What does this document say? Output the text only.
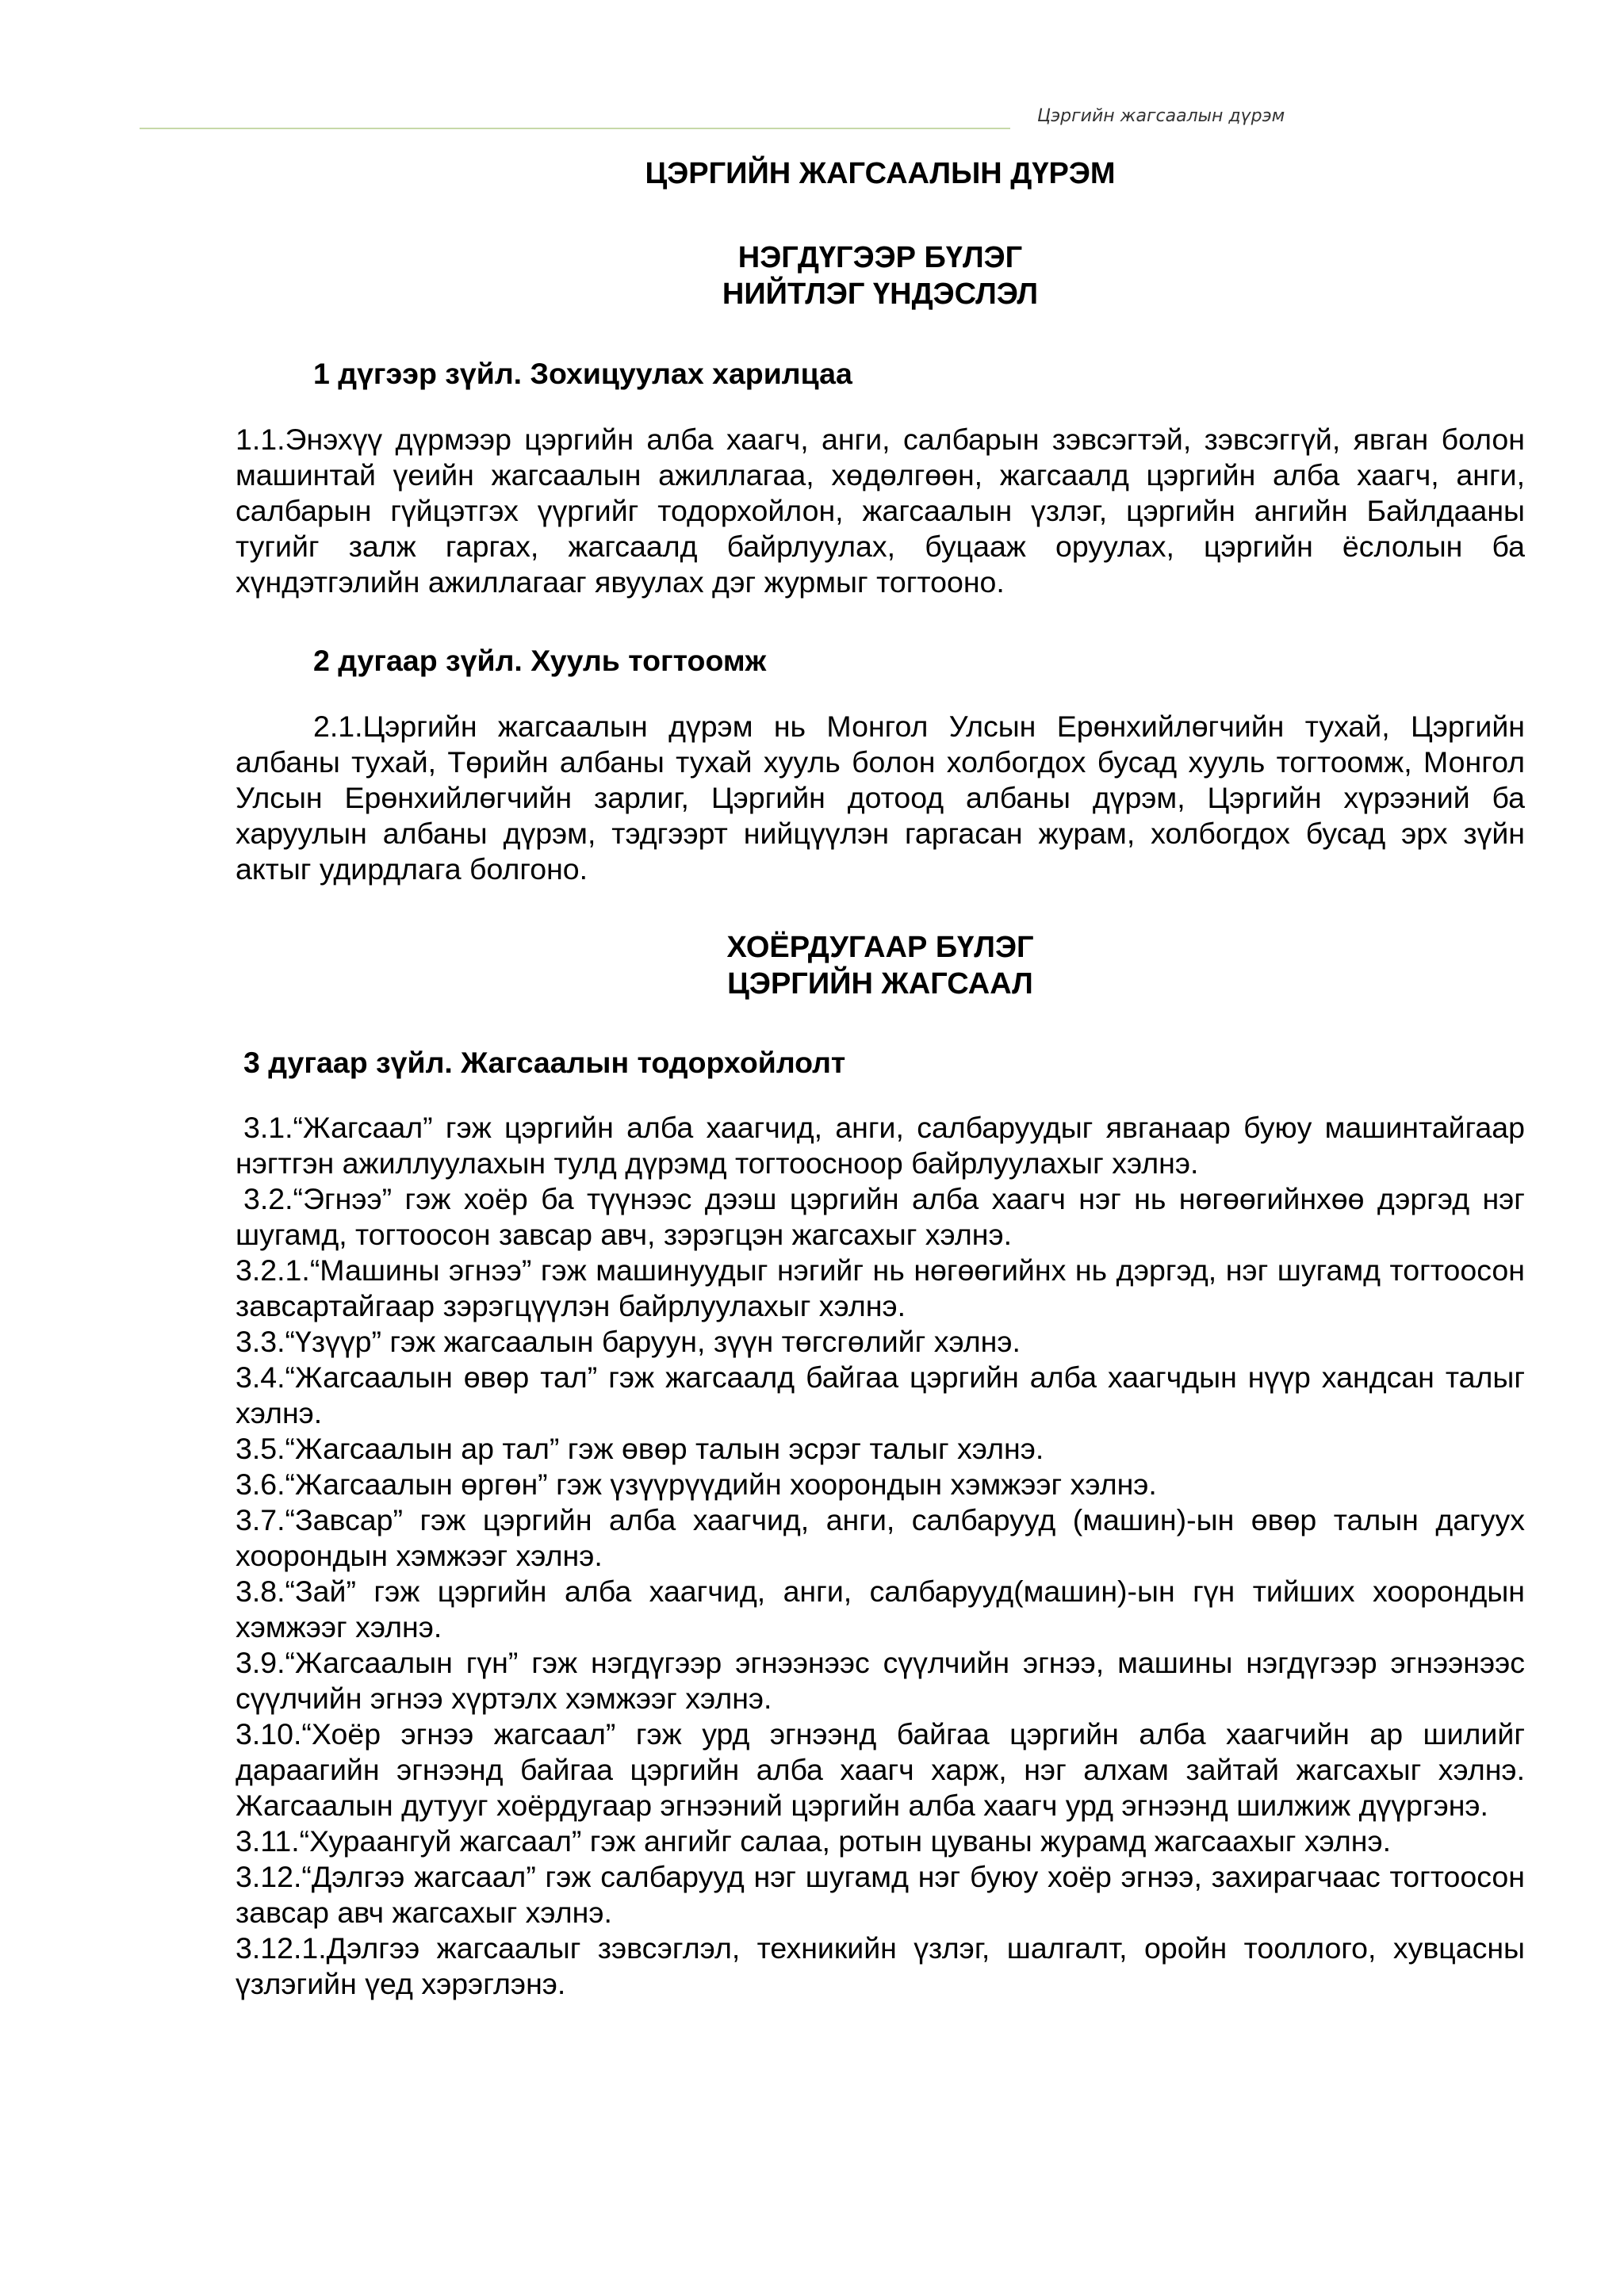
Цэргийн жагсаалын дүрэм
ЦЭРГИЙН ЖАГСААЛЫН ДҮРЭМ
НЭГДҮГЭЭР БҮЛЭГ
НИЙТЛЭГ ҮНДЭСЛЭЛ
1 дүгээр зүйл. Зохицуулах харилцаа

1.1.Энэхүү дүрмээр цэргийн алба хаагч, анги, салбарын зэвсэгтэй, зэвсэггүй, явган болон машинтай үеийн жагсаалын ажиллагаа, хөдөлгөөн, жагсаалд цэргийн алба хаагч, анги, салбарын гүйцэтгэх үүргийг тодорхойлон, жагсаалын үзлэг, цэргийн ангийн Байлдааны тугийг залж гаргах, жагсаалд байрлуулах, буцааж оруулах, цэргийн ёслолын ба хүндэтгэлийн ажиллагааг явуулах дэг журмыг тогтооно.

2 дугаар зүйл. Хууль тогтоомж

2.1.Цэргийн жагсаалын дүрэм нь Монгол Улсын Ерөнхийлөгчийн тухай, Цэргийн албаны тухай, Төрийн албаны тухай хууль болон холбогдох бусад хууль тогтоомж, Монгол Улсын Ерөнхийлөгчийн зарлиг, Цэргийн дотоод албаны дүрэм, Цэргийн хүрээний ба харуулын албаны дүрэм, тэдгээрт нийцүүлэн гаргасан журам, холбогдох бусад эрх зүйн актыг удирдлага болгоно.

ХОЁРДУГААР БҮЛЭГ
ЦЭРГИЙН ЖАГСААЛ
3 дугаар зүйл. Жагсаалын тодорхойлолт

3.1.“Жагсаал” гэж цэргийн алба хаагчид, анги, салбаруудыг явганаар буюу машинтайгаар нэгтгэн ажиллуулахын тулд дүрэмд тогтоосноор байрлуулахыг хэлнэ.

3.2.“Эгнээ” гэж хоёр ба түүнээс дээш цэргийн алба хаагч нэг нь нөгөөгийнхөө дэргэд нэг шугамд, тогтоосон завсар авч, зэрэгцэн жагсахыг хэлнэ.

3.2.1.“Машины эгнээ” гэж машинуудыг нэгийг нь нөгөөгийнх нь дэргэд, нэг шугамд тогтоосон завсартайгаар зэрэгцүүлэн байрлуулахыг хэлнэ.

3.3.“Үзүүр” гэж жагсаалын баруун, зүүн төгсгөлийг хэлнэ.

3.4.“Жагсаалын өвөр тал” гэж жагсаалд байгаа цэргийн алба хаагчдын нүүр хандсан талыг хэлнэ.

3.5.“Жагсаалын ар тал” гэж өвөр талын эсрэг талыг хэлнэ.

3.6.“Жагсаалын өргөн” гэж үзүүрүүдийн хоорондын хэмжээг хэлнэ.

3.7.“Завсар” гэж цэргийн алба хаагчид, анги, салбарууд (машин)-ын өвөр талын дагуух хоорондын хэмжээг хэлнэ.

3.8.“Зай” гэж цэргийн алба хаагчид, анги, салбарууд(машин)-ын гүн тийших хоорондын хэмжээг хэлнэ.

3.9.“Жагсаалын гүн” гэж нэгдүгээр эгнээнээс сүүлчийн эгнээ, машины нэгдүгээр эгнээнээс сүүлчийн эгнээ хүртэлх хэмжээг хэлнэ.

3.10.“Хоёр эгнээ жагсаал” гэж урд эгнээнд байгаа цэргийн алба хаагчийн ар шилийг дараагийн эгнээнд байгаа цэргийн алба хаагч харж, нэг алхам зайтай жагсахыг хэлнэ. Жагсаалын дутууг хоёрдугаар эгнээний цэргийн алба хаагч урд эгнээнд шилжиж дүүргэнэ.

3.11.“Хураангуй жагсаал” гэж ангийг салаа, ротын цуваны журамд жагсаахыг хэлнэ.

3.12.“Дэлгээ жагсаал” гэж салбарууд нэг шугамд нэг буюу хоёр эгнээ, захирагчаас тогтоосон завсар авч жагсахыг хэлнэ.

3.12.1.Дэлгээ жагсаалыг зэвсэглэл, техникийн үзлэг, шалгалт, оройн тооллого, хувцасны үзлэгийн үед хэрэглэнэ.
